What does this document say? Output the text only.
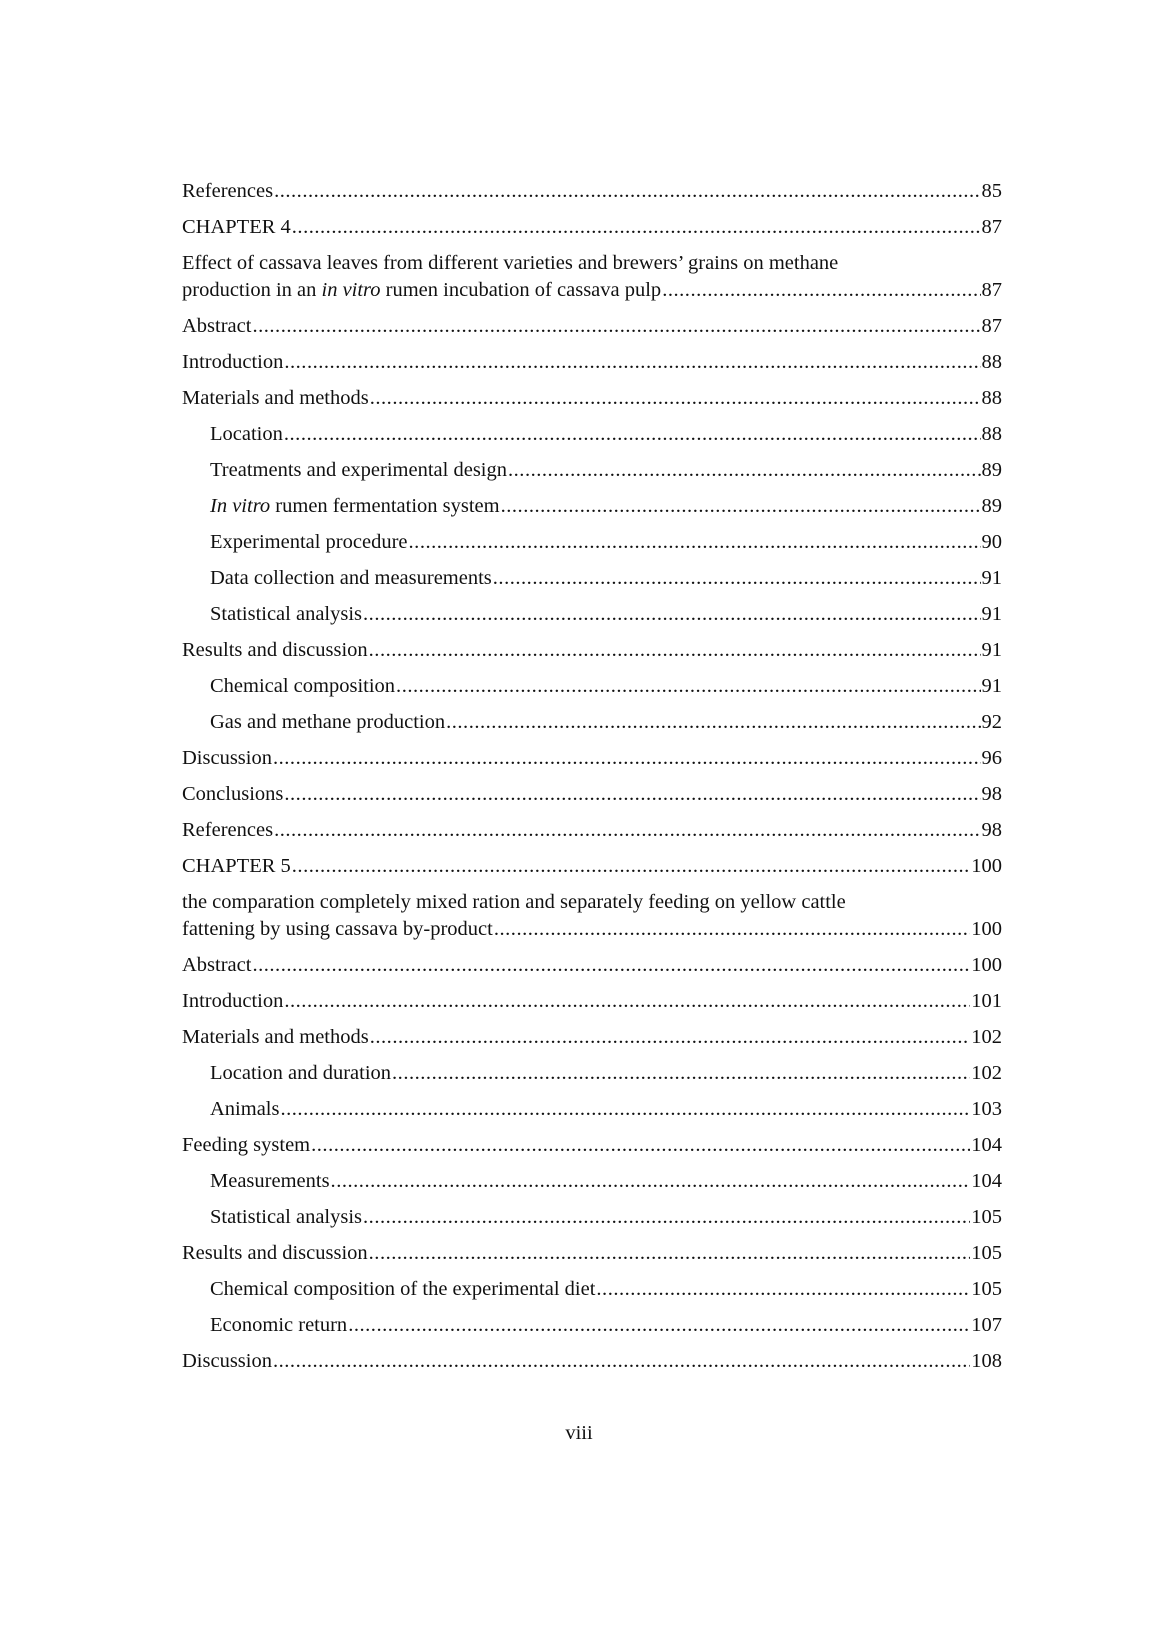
References . . .	85
CHAPTER 4 . . .	87
Effect of cassava leaves from different varieties and brewers’ grains on methane
production in an in vitro rumen incubation of cassava pulp . . .	87
Abstract . . .	87
Introduction . . .	88
Materials and methods . . .	88
Location . . .	88
Treatments and experimental design . . .	89
In vitro rumen fermentation system . . .	89
Experimental procedure . . .	90
Data collection and measurements . . .	91
Statistical analysis . . .	91
Results and discussion . . .	91
Chemical composition . . .	91
Gas and methane production . . .	92
Discussion . . .	96
Conclusions . . .	98
References . . .	98
CHAPTER 5 . . .	100
the comparation completely mixed ration and separately feeding on yellow cattle
fattening by using cassava by-product . . .	100
Abstract . . .	100
Introduction . . .	101
Materials and methods . . .	102
Location and duration . . .	102
Animals . . .	103
Feeding system . . .	104
Measurements . . .	104
Statistical analysis . . .	105
Results and discussion . . .	105
Chemical composition of the experimental diet . . .	105
Economic return . . .	107
Discussion . . .	108
viii
